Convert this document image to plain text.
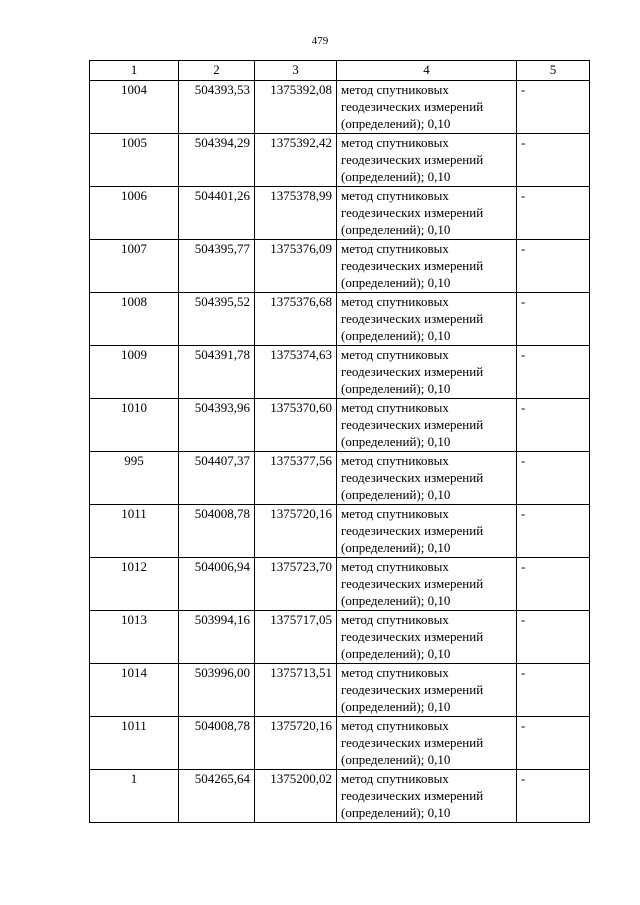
479
1	2	3	4	5
1004	504393,53	1375392,08	метод спутниковых
геодезических измерений
(определений); 0,10	-
1005	504394,29	1375392,42	метод спутниковых
геодезических измерений
(определений); 0,10	-
1006	504401,26	1375378,99	метод спутниковых
геодезических измерений
(определений); 0,10	-
1007	504395,77	1375376,09	метод спутниковых
геодезических измерений
(определений); 0,10	-
1008	504395,52	1375376,68	метод спутниковых
геодезических измерений
(определений); 0,10	-
1009	504391,78	1375374,63	метод спутниковых
геодезических измерений
(определений); 0,10	-
1010	504393,96	1375370,60	метод спутниковых
геодезических измерений
(определений); 0,10	-
995	504407,37	1375377,56	метод спутниковых
геодезических измерений
(определений); 0,10	-
1011	504008,78	1375720,16	метод спутниковых
геодезических измерений
(определений); 0,10	-
1012	504006,94	1375723,70	метод спутниковых
геодезических измерений
(определений); 0,10	-
1013	503994,16	1375717,05	метод спутниковых
геодезических измерений
(определений); 0,10	-
1014	503996,00	1375713,51	метод спутниковых
геодезических измерений
(определений); 0,10	-
1011	504008,78	1375720,16	метод спутниковых
геодезических измерений
(определений); 0,10	-
1	504265,64	1375200,02	метод спутниковых
геодезических измерений
(определений); 0,10	-
